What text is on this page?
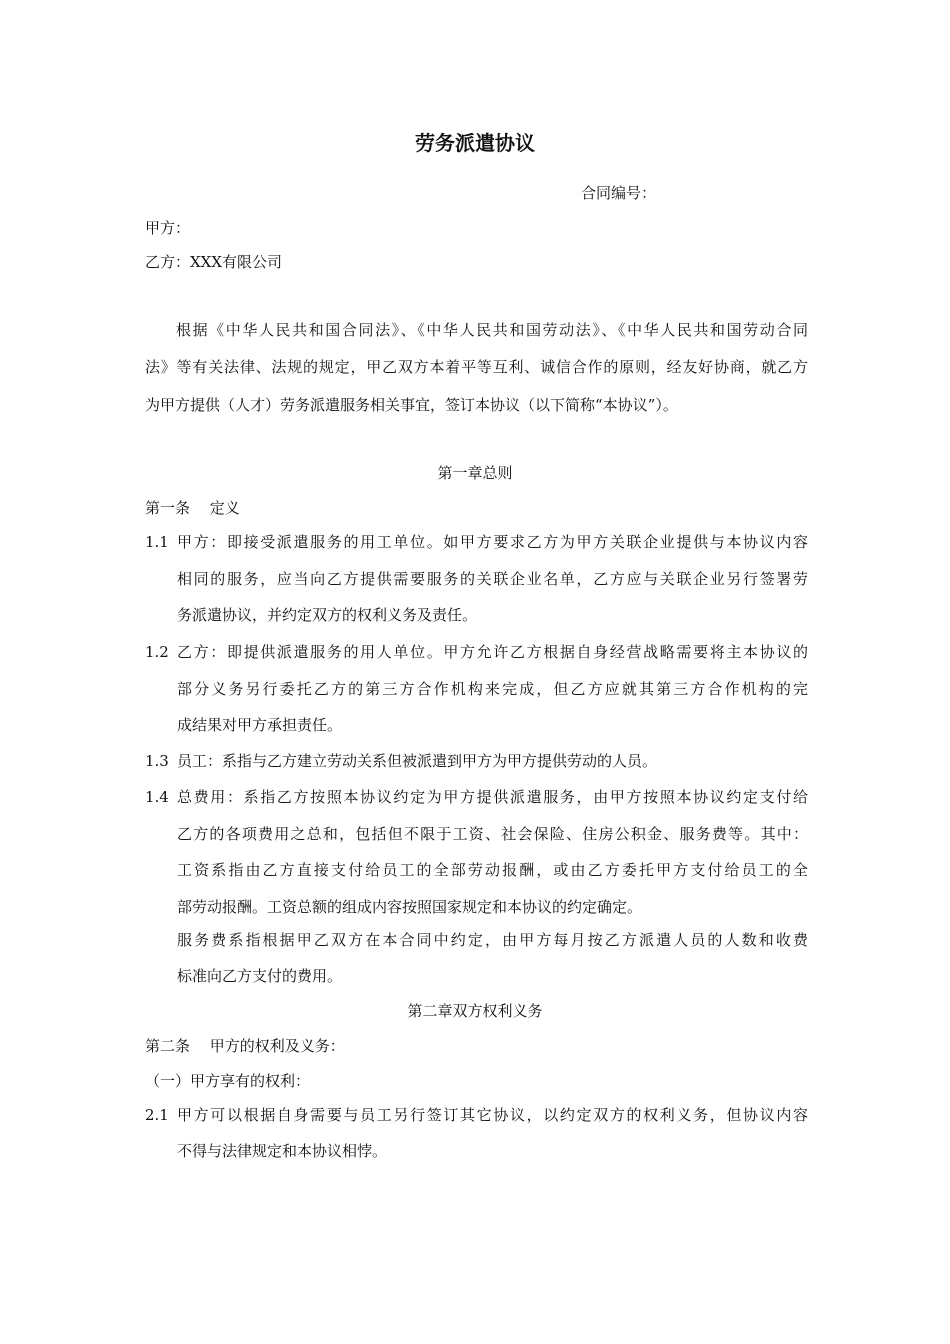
劳务派遣协议
合同编号：
甲方：
乙方：XXX有限公司
根据《中华人民共和国合同法》、《中华人民共和国劳动法》、《中华人民共和国劳动合同
法》等有关法律、法规的规定，甲乙双方本着平等互利、诚信合作的原则，经友好协商，就乙方
为甲方提供（人才）劳务派遣服务相关事宜，签订本协议（以下简称“本协议”）。
第一章总则
第一条　 定义
1.1 甲方：即接受派遣服务的用工单位。如甲方要求乙方为甲方关联企业提供与本协议内容
相同的服务，应当向乙方提供需要服务的关联企业名单，乙方应与关联企业另行签署劳
务派遣协议，并约定双方的权利义务及责任。
1.2 乙方：即提供派遣服务的用人单位。甲方允许乙方根据自身经营战略需要将主本协议的
部分义务另行委托乙方的第三方合作机构来完成，但乙方应就其第三方合作机构的完
成结果对甲方承担责任。
1.3 员工：系指与乙方建立劳动关系但被派遣到甲方为甲方提供劳动的人员。
1.4 总费用：系指乙方按照本协议约定为甲方提供派遣服务，由甲方按照本协议约定支付给
乙方的各项费用之总和，包括但不限于工资、社会保险、住房公积金、服务费等。其中：
工资系指由乙方直接支付给员工的全部劳动报酬，或由乙方委托甲方支付给员工的全
部劳动报酬。工资总额的组成内容按照国家规定和本协议的约定确定。
服务费系指根据甲乙双方在本合同中约定，由甲方每月按乙方派遣人员的人数和收费
标准向乙方支付的费用。
第二章双方权利义务
第二条　 甲方的权利及义务：
（一）甲方享有的权利：
2.1 甲方可以根据自身需要与员工另行签订其它协议，以约定双方的权利义务，但协议内容
不得与法律规定和本协议相悖。
